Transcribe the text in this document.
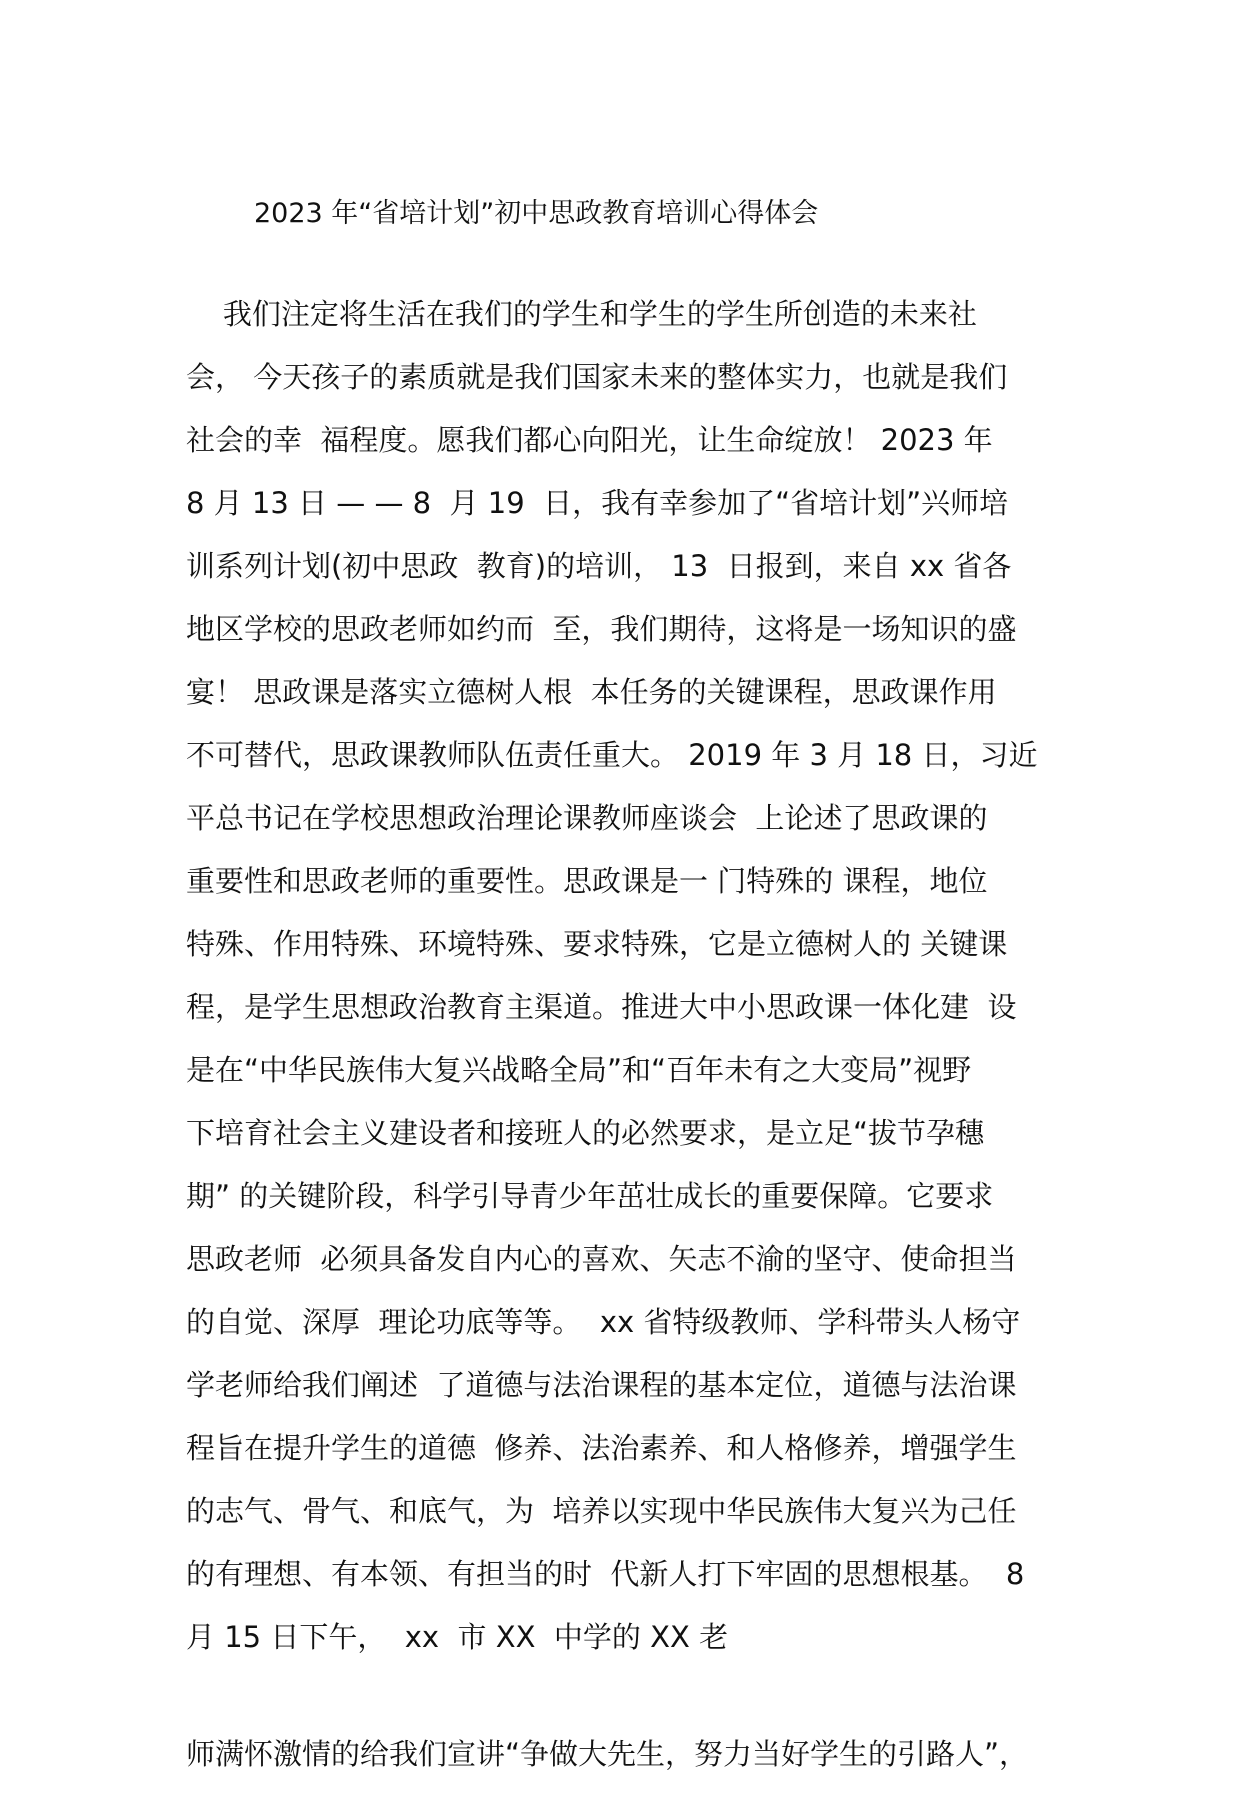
2023 年“省培计划”初中思政教育培训心得体会
我们注定将生活在我们的学生和学生的学生所创造的未来社
会， 今天孩子的素质就是我们国家未来的整体实力，也就是我们
社会的幸  福程度。愿我们都心向阳光，让生命绽放！ 2023 年
8 月 13 日 — — 8  月 19  日，我有幸参加了“省培计划”兴师培
训系列计划(初中思政  教育)的培训， 13  日报到，来自 xx 省各
地区学校的思政老师如约而  至，我们期待，这将是一场知识的盛
宴！ 思政课是落实立德树人根  本任务的关键课程，思政课作用
不可替代，思政课教师队伍责任重大。 2019 年 3 月 18 日，习近
平总书记在学校思想政治理论课教师座谈会  上论述了思政课的
重要性和思政老师的重要性。思政课是一 门特殊的 课程，地位
特殊、作用特殊、环境特殊、要求特殊，它是立德树人的 关键课
程，是学生思想政治教育主渠道。推进大中小思政课一体化建  设
是在“中华民族伟大复兴战略全局”和“百年未有之大变局”视野
下培育社会主义建设者和接班人的必然要求，是立足“拔节孕穗
期” 的关键阶段，科学引导青少年茁壮成长的重要保障。它要求
思政老师  必须具备发自内心的喜欢、矢志不渝的坚守、使命担当
的自觉、深厚  理论功底等等。  xx 省特级教师、学科带头人杨守
学老师给我们阐述  了道德与法治课程的基本定位，道德与法治课
程旨在提升学生的道德  修养、法治素养、和人格修养，增强学生
的志气、骨气、和底气，为  培养以实现中华民族伟大复兴为己任
的有理想、有本领、有担当的时  代新人打下牢固的思想根基。  8
月 15 日下午，  xx  市 XX  中学的 XX 老
师满怀激情的给我们宣讲“争做大先生，努力当好学生的引路人”，
